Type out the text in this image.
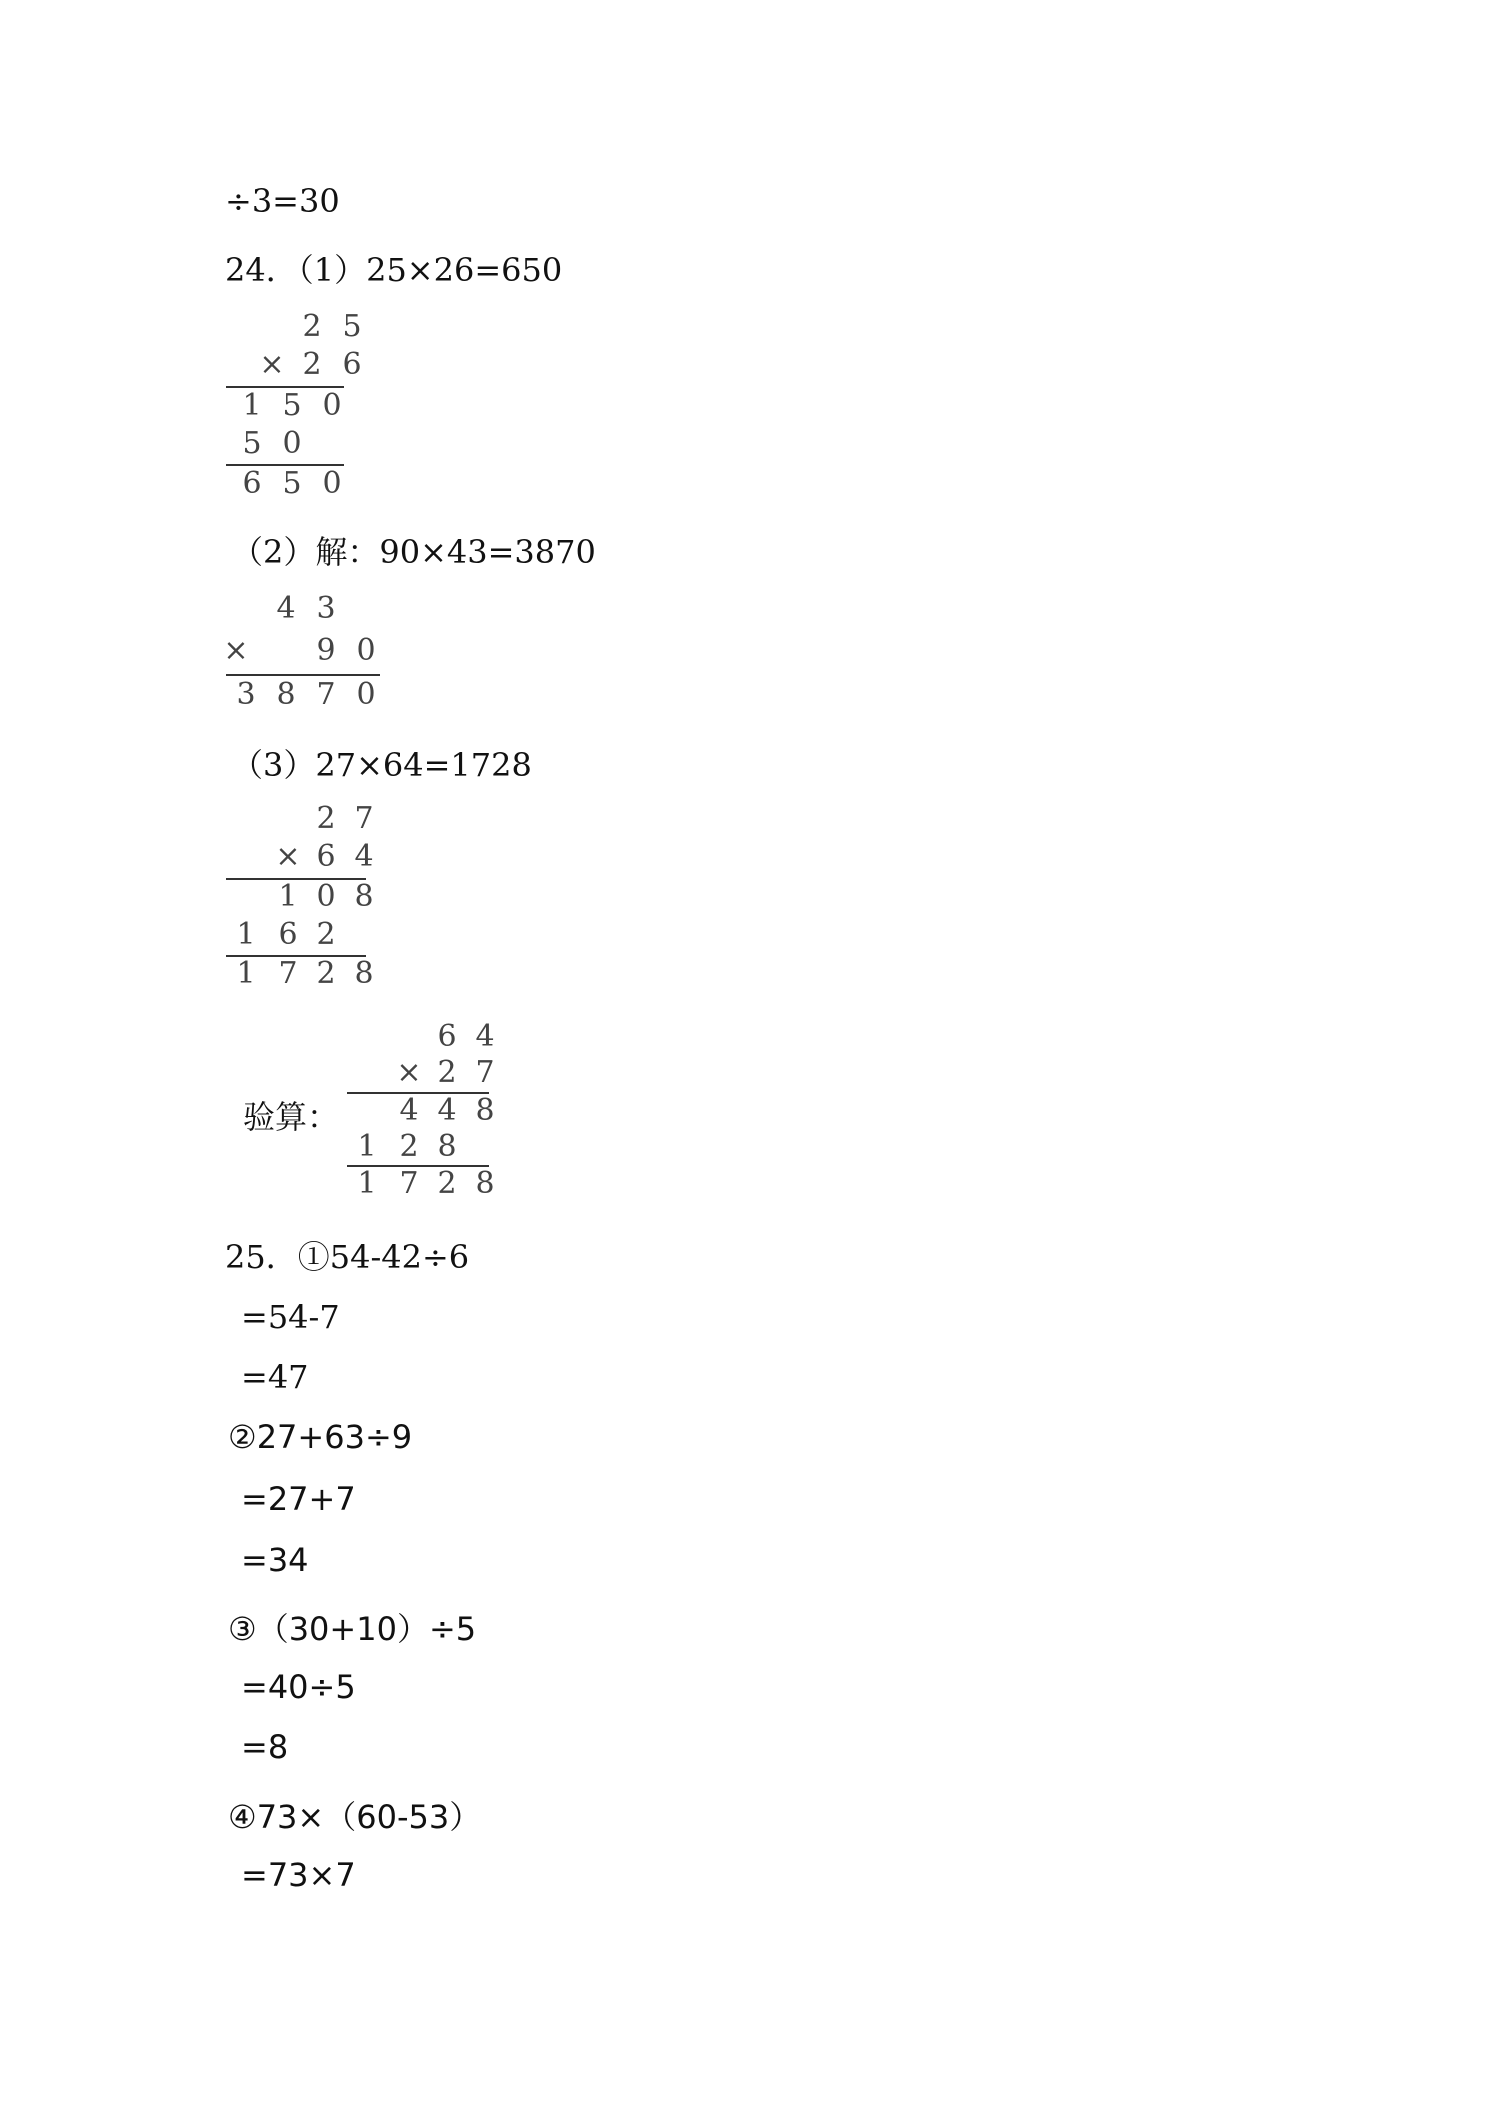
÷3=30
24．（1）25×26=650
2 5
× 2 6
1 5 0
5 0
6 5 0
（2）解：90×43=3870
4 3
×	9 0
3 8 7 0
（3）27×64=1728
2 7
× 6 4
1 0 8
1 6 2
1 7 2 8
验算：
6 4
× 2 7
4 4 8
1 2 8
1 7 2 8
25．①54-42÷6
=54-7
=47
②27+63÷9
=27+7
=34
③（30+10）÷5
=40÷5
=8
④73×（60-53）
=73×7
